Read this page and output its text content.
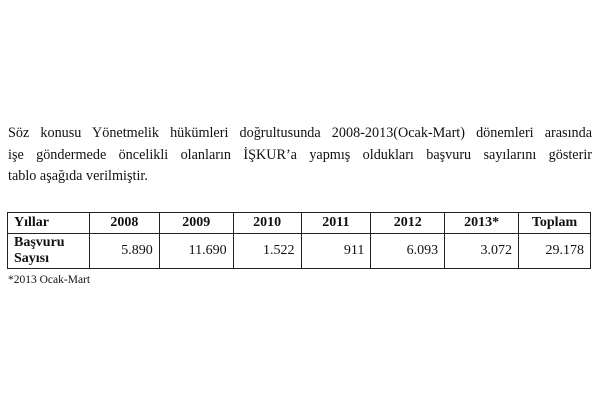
Söz konusu Yönetmelik hükümleri doğrultusunda 2008-2013(Ocak-Mart) dönemleri arasında
işe göndermede öncelikli olanların İŞKUR’a yapmış oldukları başvuru sayılarını gösterir
tablo aşağıda verilmiştir.
Yıllar	2008	2009	2010	2011	2012	2013*	Toplam

Başvuru
Sayısı	5.890	11.690	1.522	911	6.093	3.072	29.178
*2013 Ocak-Mart
